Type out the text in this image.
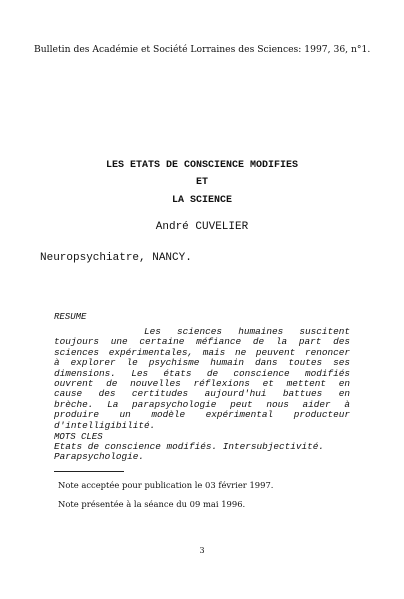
Bulletin des Académie et Société Lorraines des Sciences: 1997, 36, n°1.
LES ETATS DE CONSCIENCE MODIFIES
ET
LA SCIENCE
André CUVELIER
Neuropsychiatre, NANCY.
RESUME
Les sciences humaines suscitent
toujours une certaine méfiance de la part des
sciences expérimentales, mais ne peuvent renoncer
à explorer le psychisme humain dans toutes ses
dimensions. Les états de conscience modifiés
ouvrent de nouvelles réflexions et mettent en
cause des certitudes aujourd'hui battues en
brèche. La parapsychologie peut nous aider à
produire un modèle expérimental producteur
d'intelligibilité.
MOTS CLES
Etats de conscience modifiés. Intersubjectivité.
Parapsychologie.
Note acceptée pour publication le 03 février 1997.
Note présentée à la séance du 09 mai 1996.
3
